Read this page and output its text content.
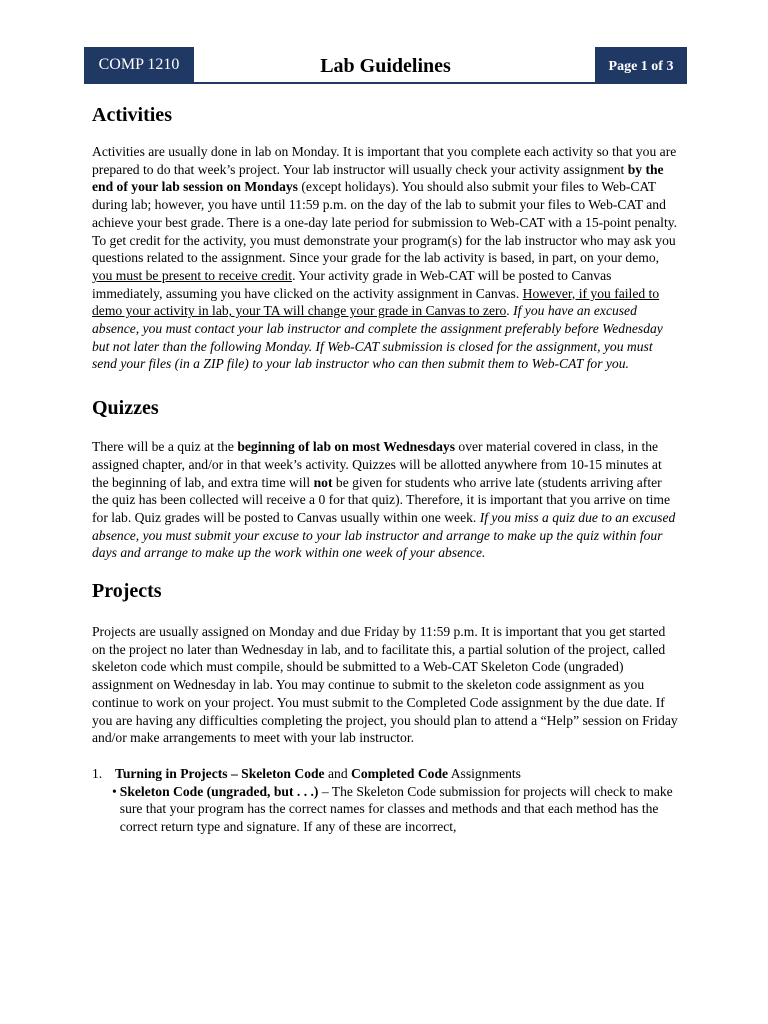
COMP 1210	Lab Guidelines	Page 1 of 3
Activities

Activities are usually done in lab on Monday. It is important that you complete each activity so that you are prepared to do that week’s project. Your lab instructor will usually check your activity assignment by the end of your lab session on Mondays (except holidays). You should also submit your files to Web-CAT during lab; however, you have until 11:59 p.m. on the day of the lab to submit your files to Web-CAT and achieve your best grade. There is a one-day late period for submission to Web-CAT with a 15-point penalty. To get credit for the activity, you must demonstrate your program(s) for the lab instructor who may ask you questions related to the assignment. Since your grade for the lab activity is based, in part, on your demo, you must be present to receive credit. Your activity grade in Web-CAT will be posted to Canvas immediately, assuming you have clicked on the activity assignment in Canvas. However, if you failed to demo your activity in lab, your TA will change your grade in Canvas to zero. If you have an excused absence, you must contact your lab instructor and complete the assignment preferably before Wednesday but not later than the following Monday. If Web-CAT submission is closed for the assignment, you must send your files (in a ZIP file) to your lab instructor who can then submit them to Web-CAT for you.

Quizzes

There will be a quiz at the beginning of lab on most Wednesdays over material covered in class, in the assigned chapter, and/or in that week’s activity. Quizzes will be allotted anywhere from 10-15 minutes at the beginning of lab, and extra time will not be given for students who arrive late (students arriving after the quiz has been collected will receive a 0 for that quiz). Therefore, it is important that you arrive on time for lab. Quiz grades will be posted to Canvas usually within one week. If you miss a quiz due to an excused absence, you must submit your excuse to your lab instructor and arrange to make up the quiz within four days and arrange to make up the work within one week of your absence.

Projects

Projects are usually assigned on Monday and due Friday by 11:59 p.m. It is important that you get started on the project no later than Wednesday in lab, and to facilitate this, a partial solution of the project, called skeleton code which must compile, should be submitted to a Web-CAT Skeleton Code (ungraded) assignment on Wednesday in lab. You may continue to submit to the skeleton code assignment as you continue to work on your project. You must submit to the Completed Code assignment by the due date. If you are having any difficulties completing the project, you should plan to attend a “Help” session on Friday and/or make arrangements to meet with your lab instructor.

1. Turning in Projects – Skeleton Code and Completed Code Assignments
• Skeleton Code (ungraded, but . . .) – The Skeleton Code submission for projects will check to make sure that your program has the correct names for classes and methods and that each method has the correct return type and signature. If any of these are incorrect,
